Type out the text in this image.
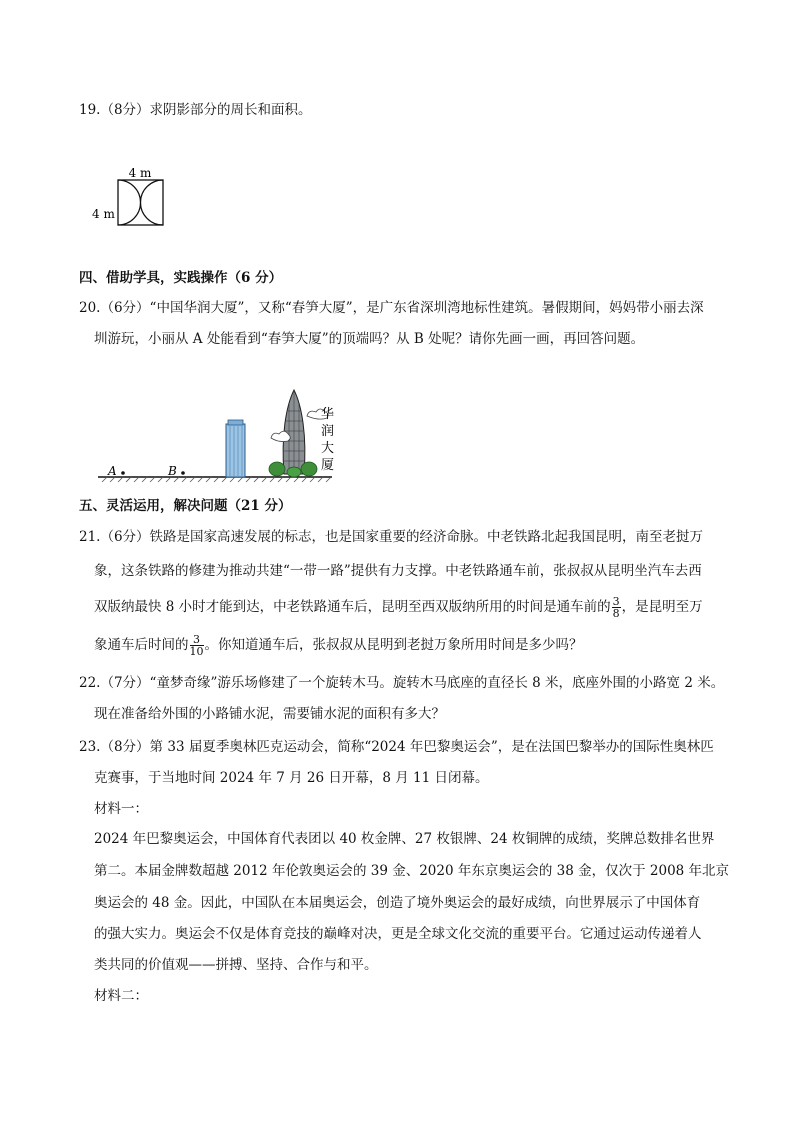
19.（8分）求阴影部分的周长和面积。
4 m
4 m
四、借助学具，实践操作（6 分）
20.（6分）“中国华润大厦”，又称“春笋大厦”，是广东省深圳湾地标性建筑。暑假期间，妈妈带小丽去深
圳游玩，小丽从 A 处能看到“春笋大厦”的顶端吗？从 B 处呢？请你先画一画，再回答问题。
A	B
华
润
大
厦
五、灵活运用，解决问题（21 分）
21.（6分）铁路是国家高速发展的标志，也是国家重要的经济命脉。中老铁路北起我国昆明，南至老挝万
象，这条铁路的修建为推动共建“一带一路”提供有力支撑。中老铁路通车前，张叔叔从昆明坐汽车去西
双版纳最快 8 小时才能到达，中老铁路通车后，昆明至西双版纳所用的时间是通车前的 $\frac{3}{8}$ ，是昆明至万
象通车后时间的 $\frac{3}{10}$ 。你知道通车后，张叔叔从昆明到老挝万象所用时间是多少吗？
22.（7分）“童梦奇缘”游乐场修建了一个旋转木马。旋转木马底座的直径长 8 米，底座外围的小路宽 2 米。
现在准备给外围的小路铺水泥，需要铺水泥的面积有多大？
23.（8分）第 33 届夏季奥林匹克运动会，简称“2024 年巴黎奥运会”，是在法国巴黎举办的国际性奥林匹
克赛事，于当地时间 2024 年 7 月 26 日开幕，8 月 11 日闭幕。
材料一：
2024 年巴黎奥运会，中国体育代表团以 40 枚金牌、27 枚银牌、24 枚铜牌的成绩，奖牌总数排名世界
第二。本届金牌数超越 2012 年伦敦奥运会的 39 金、2020 年东京奥运会的 38 金，仅次于 2008 年北京
奥运会的 48 金。因此，中国队在本届奥运会，创造了境外奥运会的最好成绩，向世界展示了中国体育
的强大实力。奥运会不仅是体育竞技的巅峰对决，更是全球文化交流的重要平台。它通过运动传递着人
类共同的价值观——拼搏、坚持、合作与和平。
材料二：
